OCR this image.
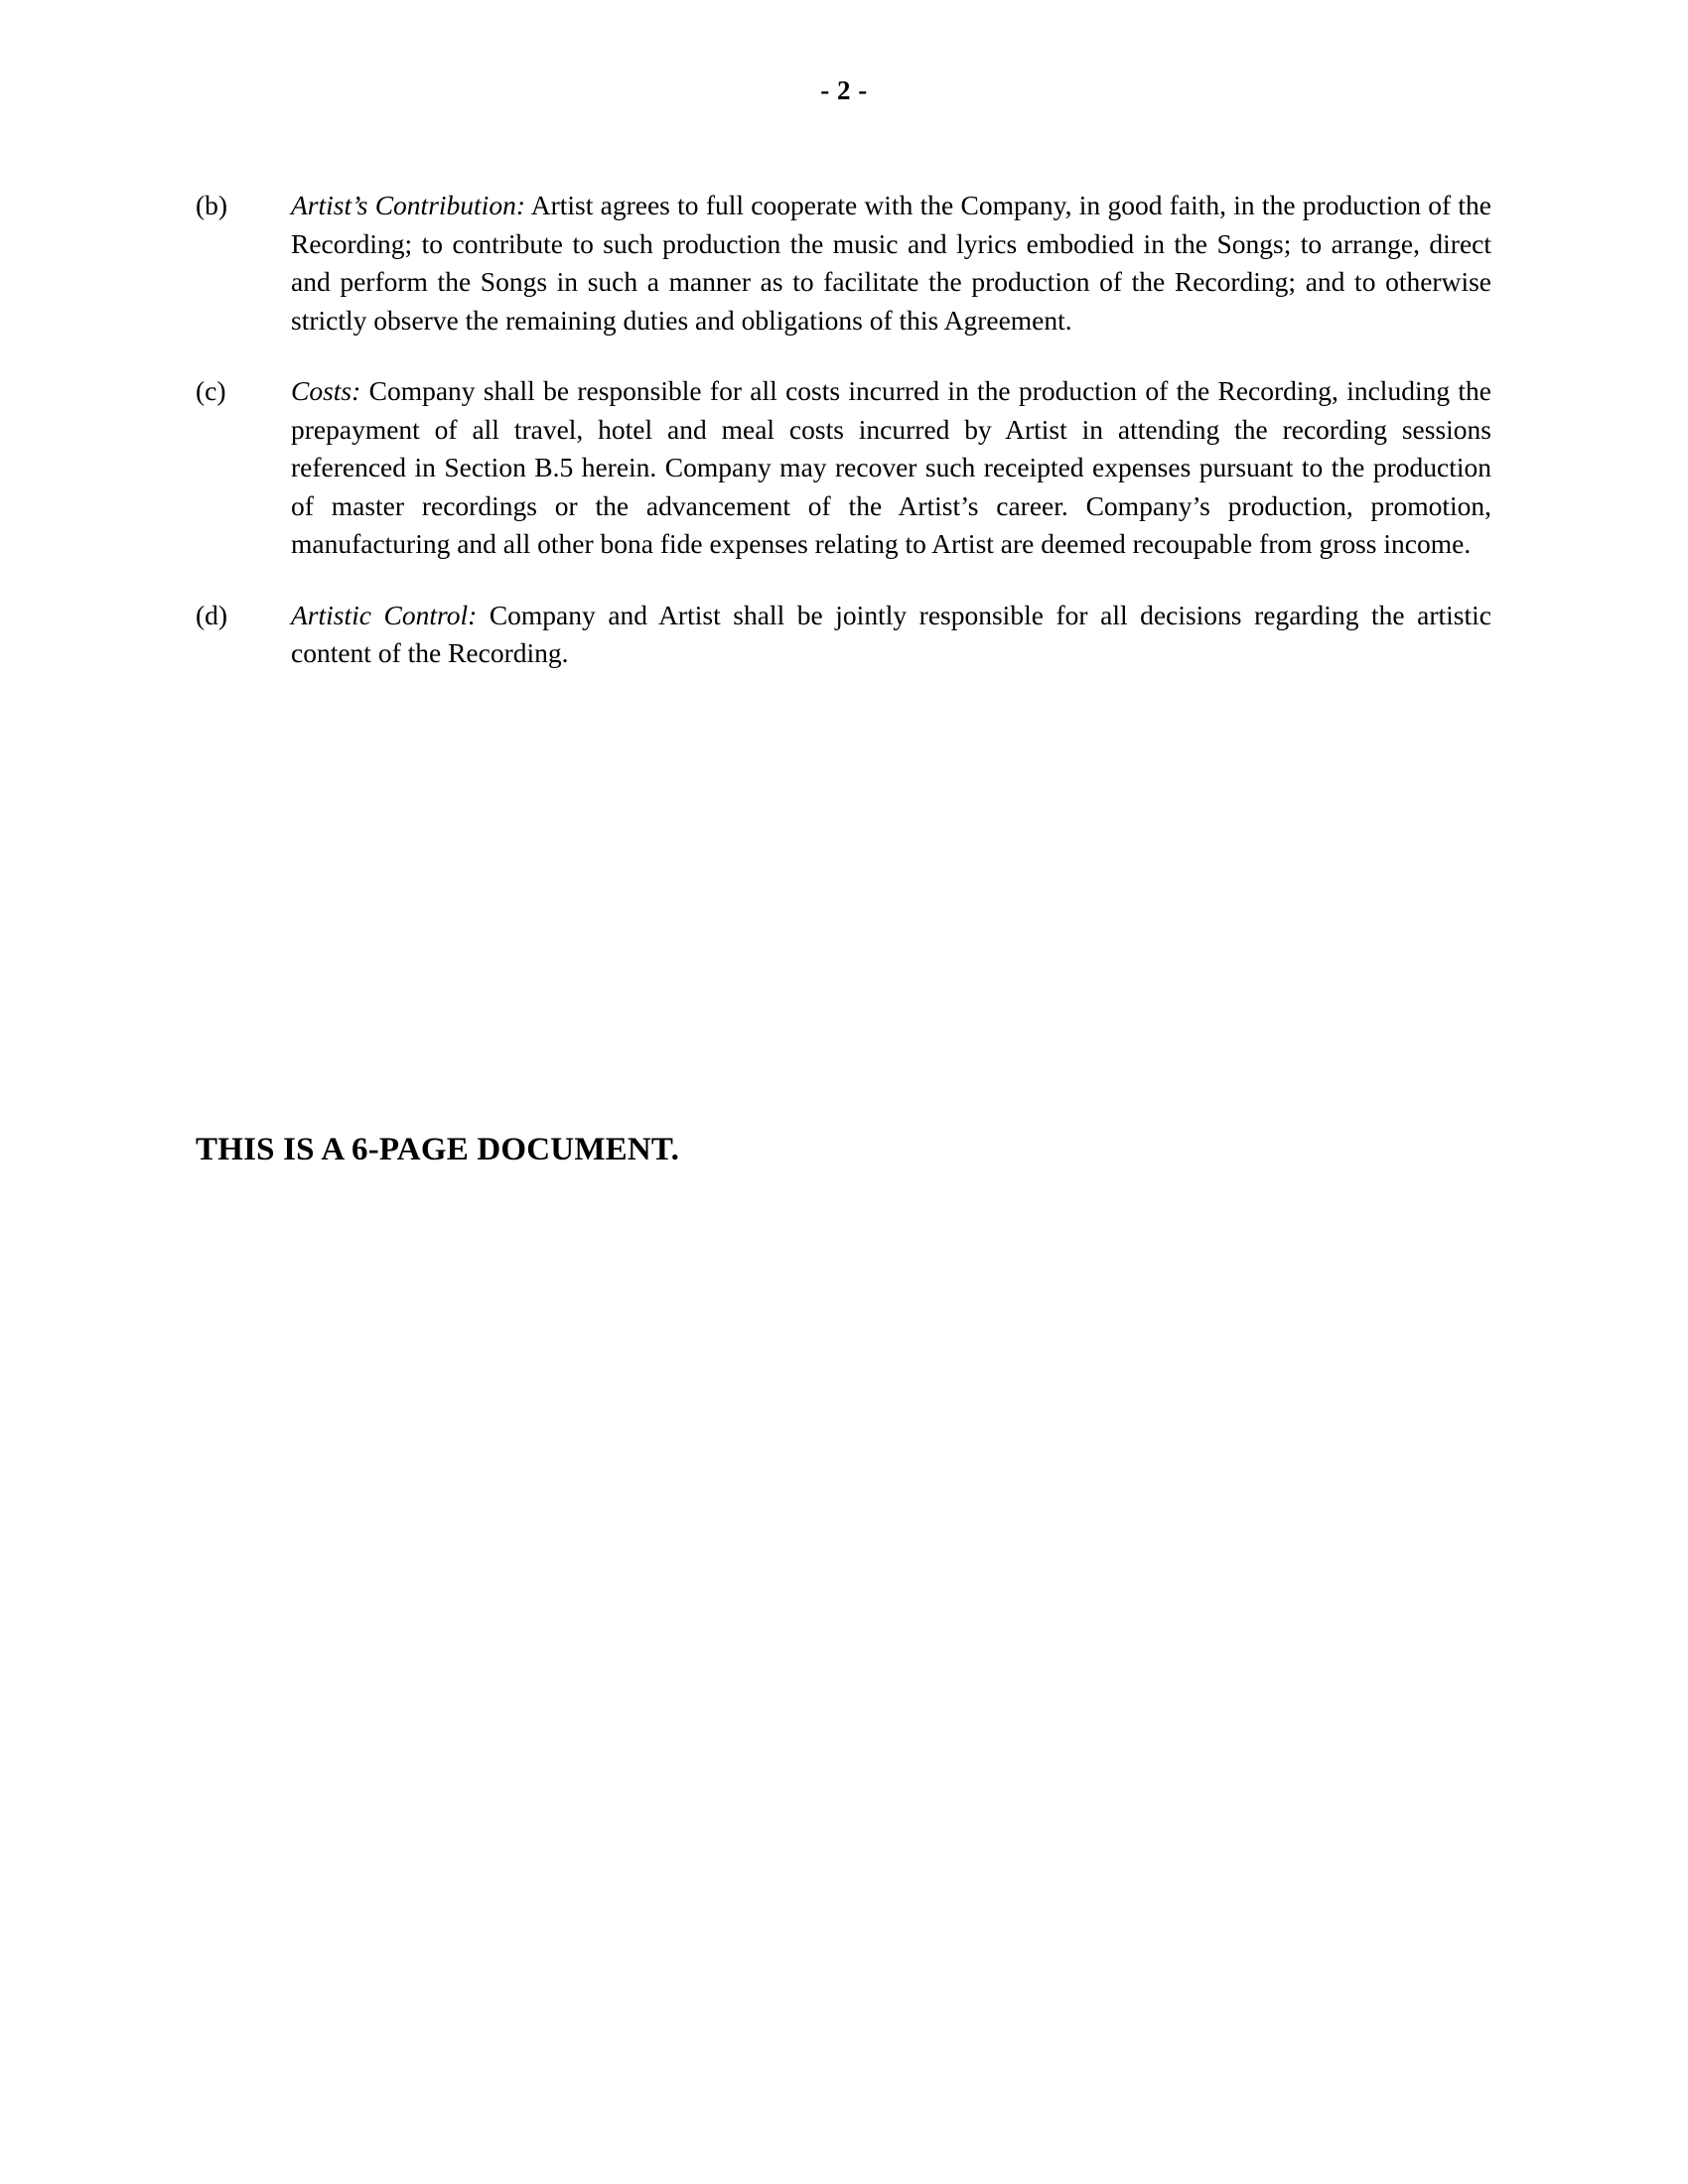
- 2 -
(b)	Artist’s Contribution: Artist agrees to full cooperate with the Company, in good faith, in the production of the Recording; to contribute to such production the music and lyrics embodied in the Songs; to arrange, direct and perform the Songs in such a manner as to facilitate the production of the Recording; and to otherwise strictly observe the remaining duties and obligations of this Agreement.
(c)	Costs: Company shall be responsible for all costs incurred in the production of the Recording, including the prepayment of all travel, hotel and meal costs incurred by Artist in attending the recording sessions referenced in Section B.5 herein. Company may recover such receipted expenses pursuant to the production of master recordings or the advancement of the Artist’s career. Company’s production, promotion, manufacturing and all other bona fide expenses relating to Artist are deemed recoupable from gross income.
(d)	Artistic Control: Company and Artist shall be jointly responsible for all decisions regarding the artistic content of the Recording.
THIS IS A 6-PAGE DOCUMENT.
